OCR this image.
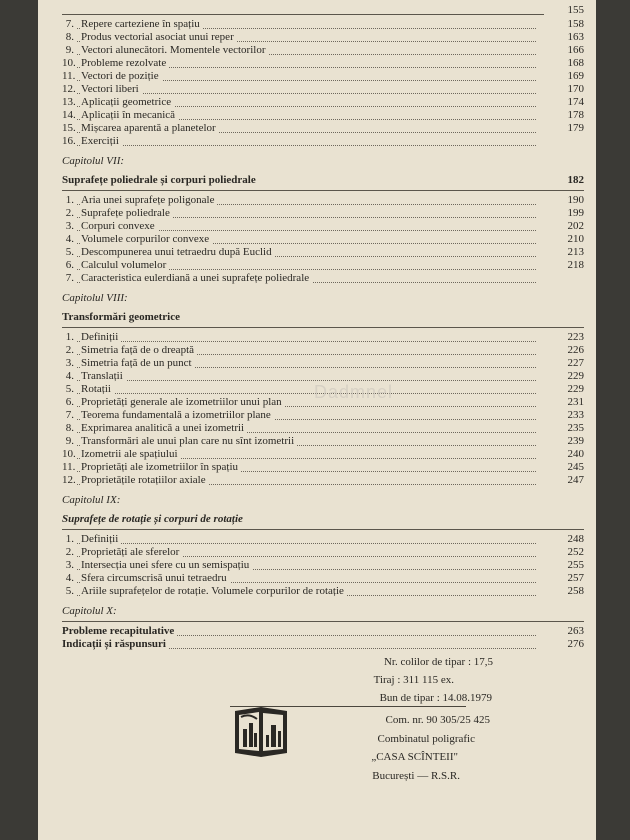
155
7. Repere carteziene în spațiu	158
8. Produs vectorial asociat unui reper	163
9. Vectori alunecători. Momentele vectorilor	166
10. Probleme rezolvate	168
11. Vectori de poziție	169
12. Vectori liberi	170
13. Aplicații geometrice	174
14. Aplicații în mecanică	178
15. Mișcarea aparentă a planetelor	179
16. Exerciții
Capitolul VII:
Suprafețe poliedrale și corpuri poliedrale	182
1. Aria unei suprafețe poligonale	190
2. Suprafețe poliedrale	199
3. Corpuri convexe	202
4. Volumele corpurilor convexe	210
5. Descompunerea unui tetraedru după Euclid	213
6. Calculul volumelor	218
7. Caracteristica eulerdiană a unei suprafețe poliedrale
Capitolul VIII:
Transformări geometrice
1. Definiții	223
2. Simetria față de o dreaptă	226
3. Simetria față de un punct	227
4. Translații	229
5. Rotații	229
6. Proprietăți generale ale izometriilor unui plan	231
7. Teorema fundamentală a izometriilor plane	233
8. Exprimarea analitică a unei izometrii	235
9. Transformări ale unui plan care nu sînt izometrii	239
10. Izometrii ale spațiului	240
11. Proprietăți ale izometriilor în spațiu	245
12. Proprietățile rotațiilor axiale	247
Capitolul IX:
Suprafețe de rotație și corpuri de rotație
1. Definiții	248
2. Proprietăți ale sferelor	252
3. Intersecția unei sfere cu un semispațiu	255
4. Sfera circumscrisă unui tetraedru	257
5. Ariile suprafețelor de rotație. Volumele corpurilor de rotație	258
Capitolul X:
Probleme recapitulative	263
Indicații și răspunsuri	276
Nr. colilor de tipar : 17,5
Tiraj : 311 115 ex.
Bun de tipar : 14.08.1979
Com. nr. 90 305/25 425
Combinatul poligrafic
„CASA SCÎNTEII"
București — R.S.R.
Dadmnel
